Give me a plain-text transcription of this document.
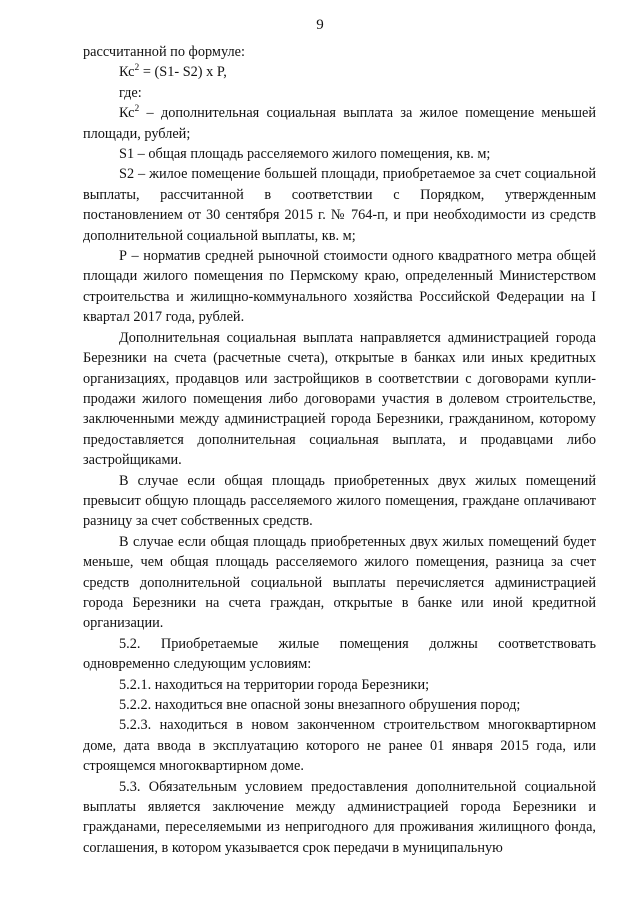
9

рассчитанной по формуле:

$Кс^2 = (S1-$ S2) х P,

где:

$Кс^2$ – дополнительная социальная выплата за жилое помещение меньшей площади, рублей;

S1 – общая площадь расселяемого жилого помещения, кв. м;

S2 – жилое помещение большей площади, приобретаемое за счет социальной выплаты, рассчитанной в соответствии с Порядком, утвержденным постановлением от 30 сентября 2015 г. № 764-п, и при необходимости из средств дополнительной социальной выплаты, кв. м;

Р – норматив средней рыночной стоимости одного квадратного метра общей площади жилого помещения по Пермскому краю, определенный Министерством строительства и жилищно-коммунального хозяйства Российской Федерации на I квартал 2017 года, рублей.

Дополнительная социальная выплата направляется администрацией города Березники на счета (расчетные счета), открытые в банках или иных кредитных организациях, продавцов или застройщиков в соответствии с договорами купли-продажи жилого помещения либо договорами участия в долевом строительстве, заключенными между администрацией города Березники, гражданином, которому предоставляется дополнительная социальная выплата, и продавцами либо застройщиками.

В случае если общая площадь приобретенных двух жилых помещений превысит общую площадь расселяемого жилого помещения, граждане оплачивают разницу за счет собственных средств.

В случае если общая площадь приобретенных двух жилых помещений будет меньше, чем общая площадь расселяемого жилого помещения, разница за счет средств дополнительной социальной выплаты перечисляется администрацией города Березники на счета граждан, открытые в банке или иной кредитной организации.

5.2. Приобретаемые жилые помещения должны соответствовать одновременно следующим условиям:

5.2.1. находиться на территории города Березники;

5.2.2. находиться вне опасной зоны внезапного обрушения пород;

5.2.3. находиться в новом законченном строительством многоквартирном доме, дата ввода в эксплуатацию которого не ранее 01 января 2015 года, или строящемся многоквартирном доме.

5.3. Обязательным условием предоставления дополнительной социальной выплаты является заключение между администрацией города Березники и гражданами, переселяемыми из непригодного для проживания жилищного фонда, соглашения, в котором указывается срок передачи в муниципальную
